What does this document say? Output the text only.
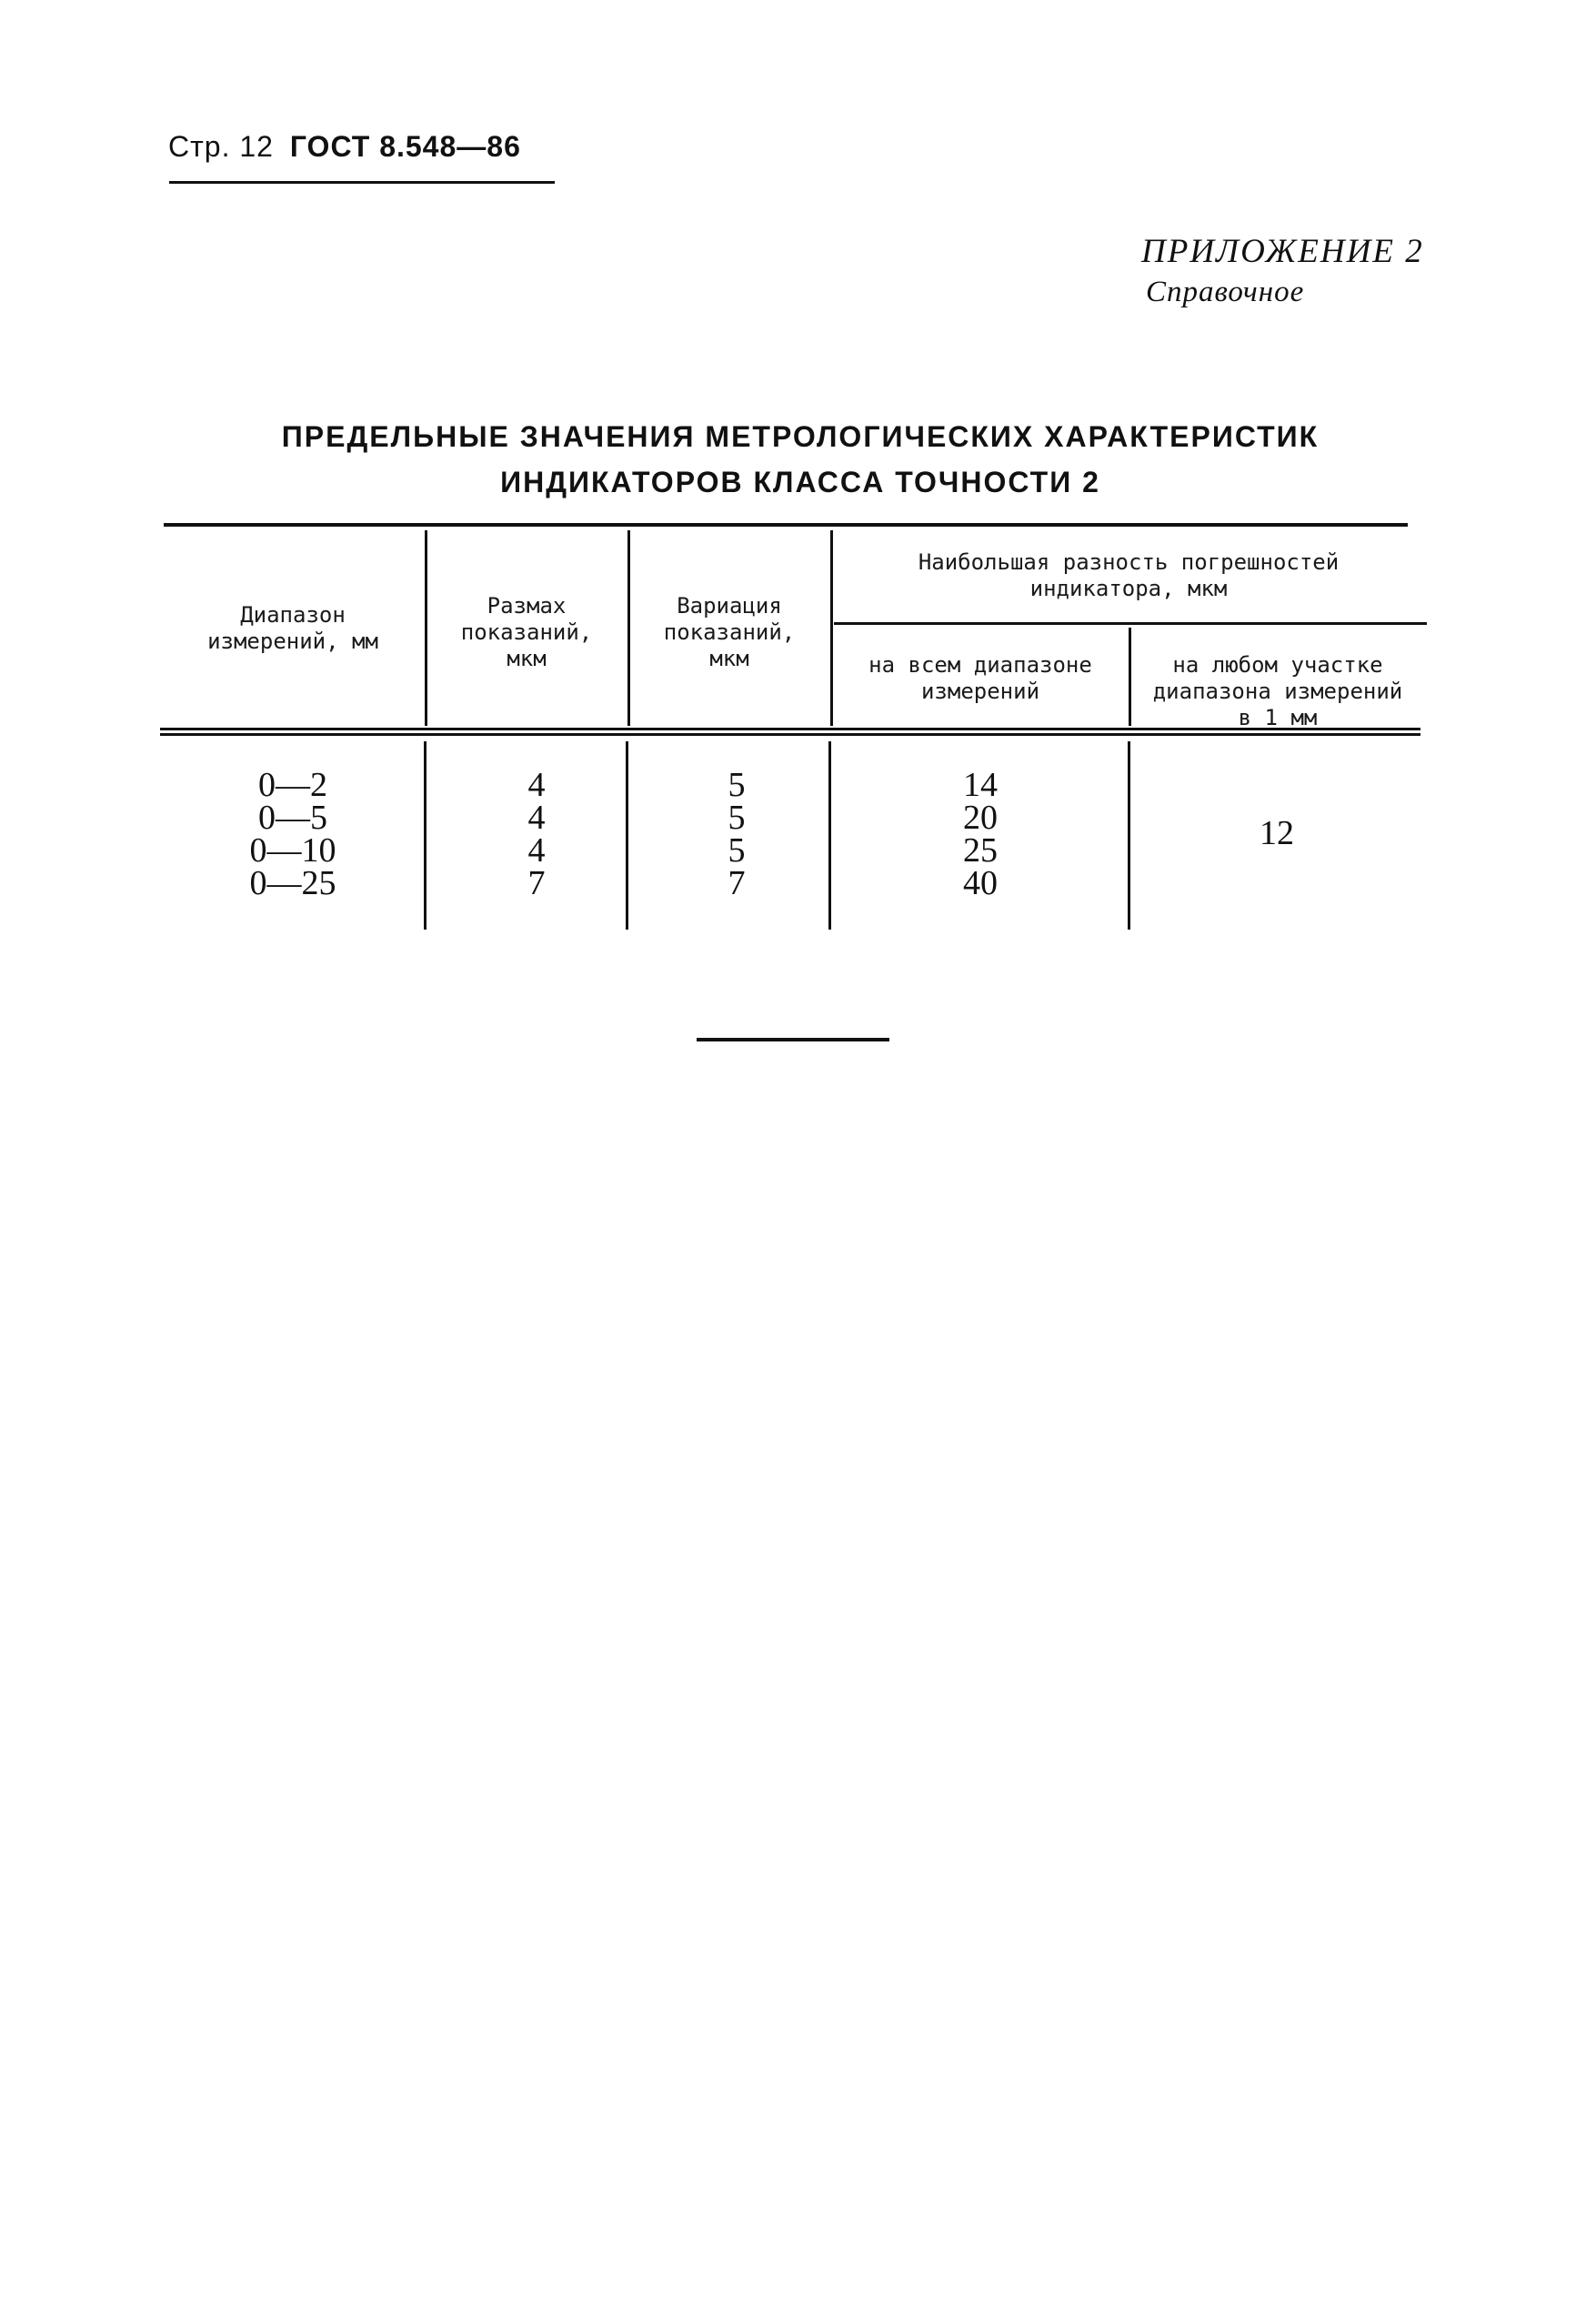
Стр. 12 ГОСТ 8.548—86
ПРИЛОЖЕНИЕ 2
Справочное
ПРЕДЕЛЬНЫЕ ЗНАЧЕНИЯ МЕТРОЛОГИЧЕСКИХ ХАРАКТЕРИСТИК
ИНДИКАТОРОВ КЛАССА ТОЧНОСТИ 2
Диапазон
измерений, мм
Размах
показаний,
мкм
Вариация
показаний,
мкм
Наибольшая разность погрешностей
индикатора, мкм
на всем диапазоне
измерений
на любом участке
диапазона измерений
в 1 мм
0—2
0—5
0—10
0—25
4
4
4
7
5
5
5
7
14
20
25
40
12
